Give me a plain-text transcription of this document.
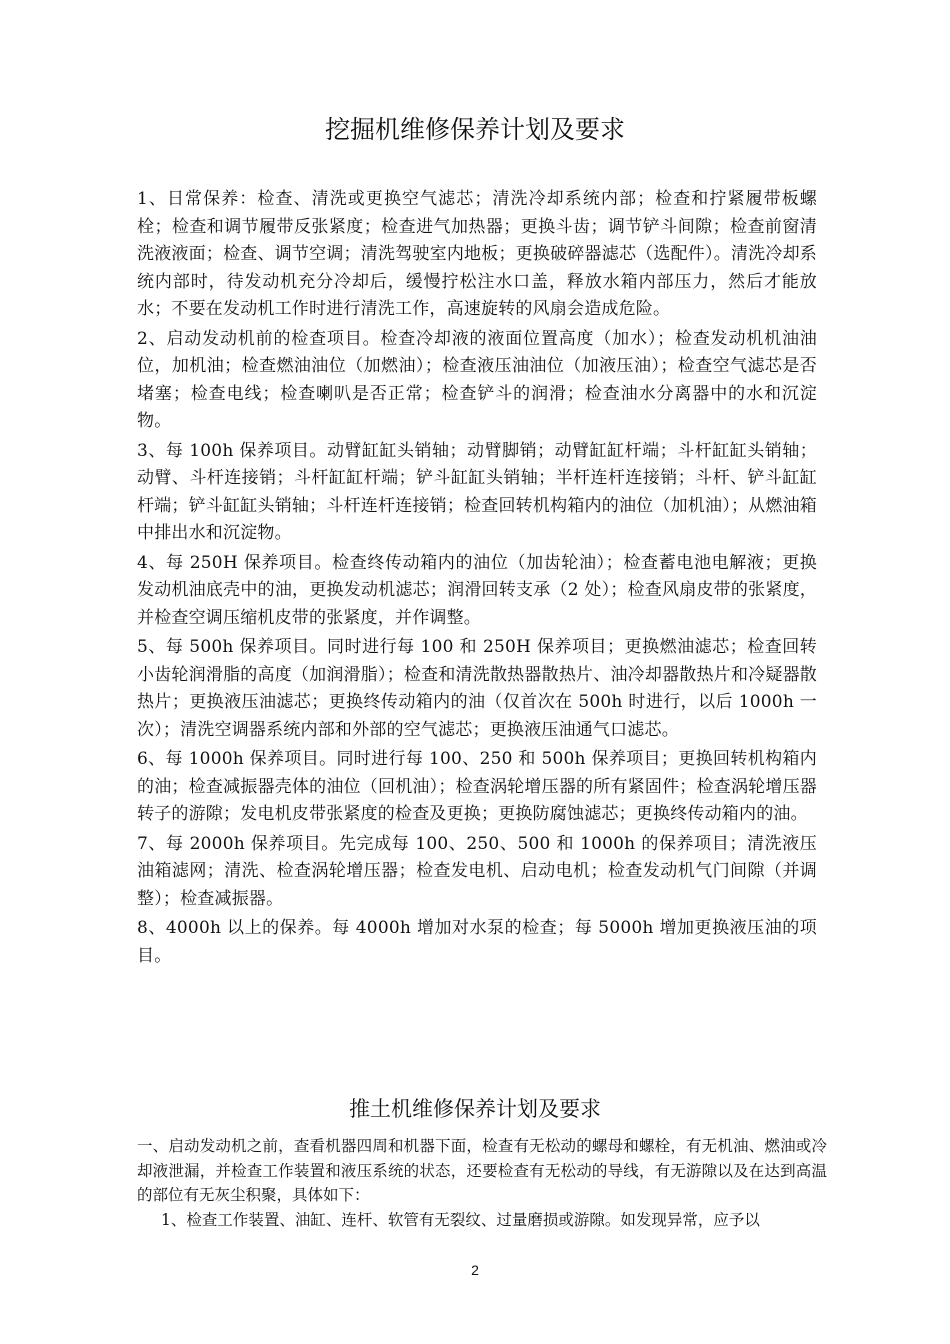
挖掘机维修保养计划及要求

1、日常保养：检查、清洗或更换空气滤芯；清洗冷却系统内部；检查和拧紧履带板螺栓；检查和调节履带反张紧度；检查进气加热器；更换斗齿；调节铲斗间隙；检查前窗清洗液液面；检查、调节空调；清洗驾驶室内地板；更换破碎器滤芯（选配件）。清洗冷却系统内部时，待发动机充分冷却后，缓慢拧松注水口盖，释放水箱内部压力，然后才能放水；不要在发动机工作时进行清洗工作，高速旋转的风扇会造成危险。

2、启动发动机前的检查项目。检查冷却液的液面位置高度（加水）；检查发动机机油油位，加机油；检查燃油油位（加燃油）；检查液压油油位（加液压油）；检查空气滤芯是否堵塞；检查电线；检查喇叭是否正常；检查铲斗的润滑；检查油水分离器中的水和沉淀物。

3、每 100h 保养项目。动臂缸缸头销轴；动臂脚销；动臂缸缸杆端；斗杆缸缸头销轴；动臂、斗杆连接销；斗杆缸缸杆端；铲斗缸缸头销轴；半杆连杆连接销；斗杆、铲斗缸缸杆端；铲斗缸缸头销轴；斗杆连杆连接销；检查回转机构箱内的油位（加机油）；从燃油箱中排出水和沉淀物。

4、每 250H 保养项目。检查终传动箱内的油位（加齿轮油）；检查蓄电池电解液；更换发动机油底壳中的油，更换发动机滤芯；润滑回转支承（2 处）；检查风扇皮带的张紧度，并检查空调压缩机皮带的张紧度，并作调整。

5、每 500h 保养项目。同时进行每 100 和 250H 保养项目；更换燃油滤芯；检查回转小齿轮润滑脂的高度（加润滑脂）；检查和清洗散热器散热片、油冷却器散热片和冷疑器散热片；更换液压油滤芯；更换终传动箱内的油（仅首次在 500h 时进行，以后 1000h 一次）；清洗空调器系统内部和外部的空气滤芯；更换液压油通气口滤芯。

6、每 1000h 保养项目。同时进行每 100、250 和 500h 保养项目；更换回转机构箱内的油；检查减振器壳体的油位（回机油）；检查涡轮增压器的所有紧固件；检查涡轮增压器转子的游隙；发电机皮带张紧度的检查及更换；更换防腐蚀滤芯；更换终传动箱内的油。

7、每 2000h 保养项目。先完成每 100、250、500 和 1000h 的保养项目；清洗液压油箱滤网；清洗、检查涡轮增压器；检查发电机、启动电机；检查发动机气门间隙（并调整）；检查减振器。

8、4000h 以上的保养。每 4000h 增加对水泵的检查；每 5000h 增加更换液压油的项目。

推土机维修保养计划及要求

一、启动发动机之前，查看机器四周和机器下面，检查有无松动的螺母和螺栓，有无机油、燃油或冷却液泄漏，并检查工作装置和液压系统的状态，还要检查有无松动的导线，有无游隙以及在达到高温的部位有无灰尘积聚，具体如下：

1、检查工作装置、油缸、连杆、软管有无裂纹、过量磨损或游隙。如发现异常，应予以

2
